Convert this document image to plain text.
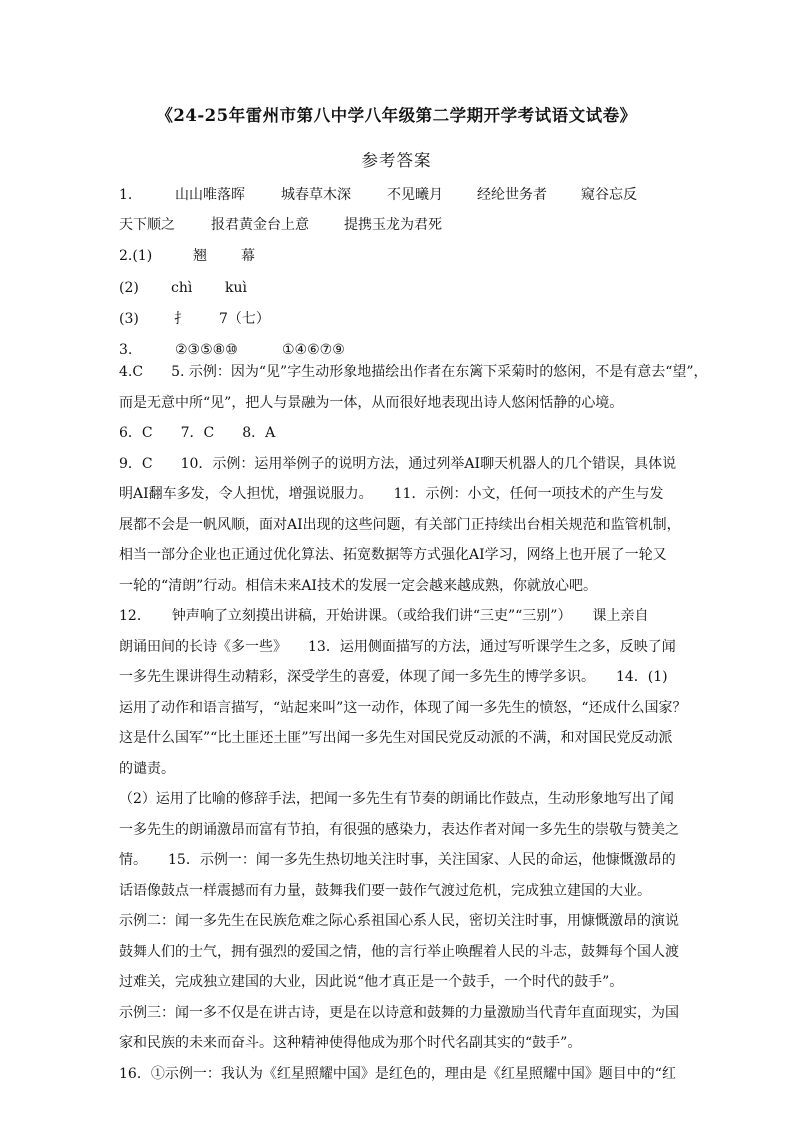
《24-25年雷州市第八中学八年级第二学期开学考试语文试卷》
参考答案
1.	山山唯落晖	城春草木深	不见曦月 经纶世务者 窥谷忘反
天下顺之	报君黄金台上意	提携玉龙为君死
2.(1)	翘 幕
(2) chì kuì
(3)	扌 7（七）
3.	②③⑤⑧⑩	①④⑥⑦⑨
4.C　　5. 示例：因为“见”字生动形象地描绘出作者在东篱下采菊时的悠闲，不是有意去“望”，
而是无意中所“见”，把人与景融为一体，从而很好地表现出诗人悠闲恬静的心境。
6．C　　7．C　　8．A
9．C　　10．示例：运用举例子的说明方法，通过列举AI聊天机器人的几个错误，具体说
明AI翻车多发，令人担忧，增强说服力。　　11．示例：小文，任何一项技术的产生与发
展都不会是一帆风顺，面对AI出现的这些问题，有关部门正持续出台相关规范和监管机制，
相当一部分企业也正通过优化算法、拓宽数据等方式强化AI学习，网络上也开展了一轮又
一轮的“清朗”行动。相信未来AI技术的发展一定会越来越成熟，你就放心吧。
12．　　钟声响了立刻摸出讲稿，开始讲课。（或给我们讲“三吏”“三别”）　　课上亲自
朗诵田间的长诗《多一些》　　13．运用侧面描写的方法，通过写听课学生之多，反映了闻
一多先生课讲得生动精彩，深受学生的喜爱，体现了闻一多先生的博学多识。　　14．(1)
运用了动作和语言描写，“站起来叫”这一动作，体现了闻一多先生的愤怒，“还成什么国家？
这是什么国军”“比土匪还土匪”写出闻一多先生对国民党反动派的不满，和对国民党反动派
的谴责。
（2）运用了比喻的修辞手法，把闻一多先生有节奏的朗诵比作鼓点，生动形象地写出了闻
一多先生的朗诵激昂而富有节拍，有很强的感染力，表达作者对闻一多先生的崇敬与赞美之
情。　　15．示例一：闻一多先生热切地关注时事，关注国家、人民的命运，他慷慨激昂的
话语像鼓点一样震撼而有力量，鼓舞我们要一鼓作气渡过危机，完成独立建国的大业。
示例二：闻一多先生在民族危难之际心系祖国心系人民，密切关注时事，用慷慨激昂的演说
鼓舞人们的士气，拥有强烈的爱国之情，他的言行举止唤醒着人民的斗志，鼓舞每个国人渡
过难关，完成独立建国的大业，因此说“他才真正是一个鼓手，一个时代的鼓手”。
示例三：闻一多不仅是在讲古诗，更是在以诗意和鼓舞的力量激励当代青年直面现实，为国
家和民族的未来而奋斗。这种精神使得他成为那个时代名副其实的“鼓手”。
16．①示例一：我认为《红星照耀中国》是红色的，理由是《红星照耀中国》题目中的“红
